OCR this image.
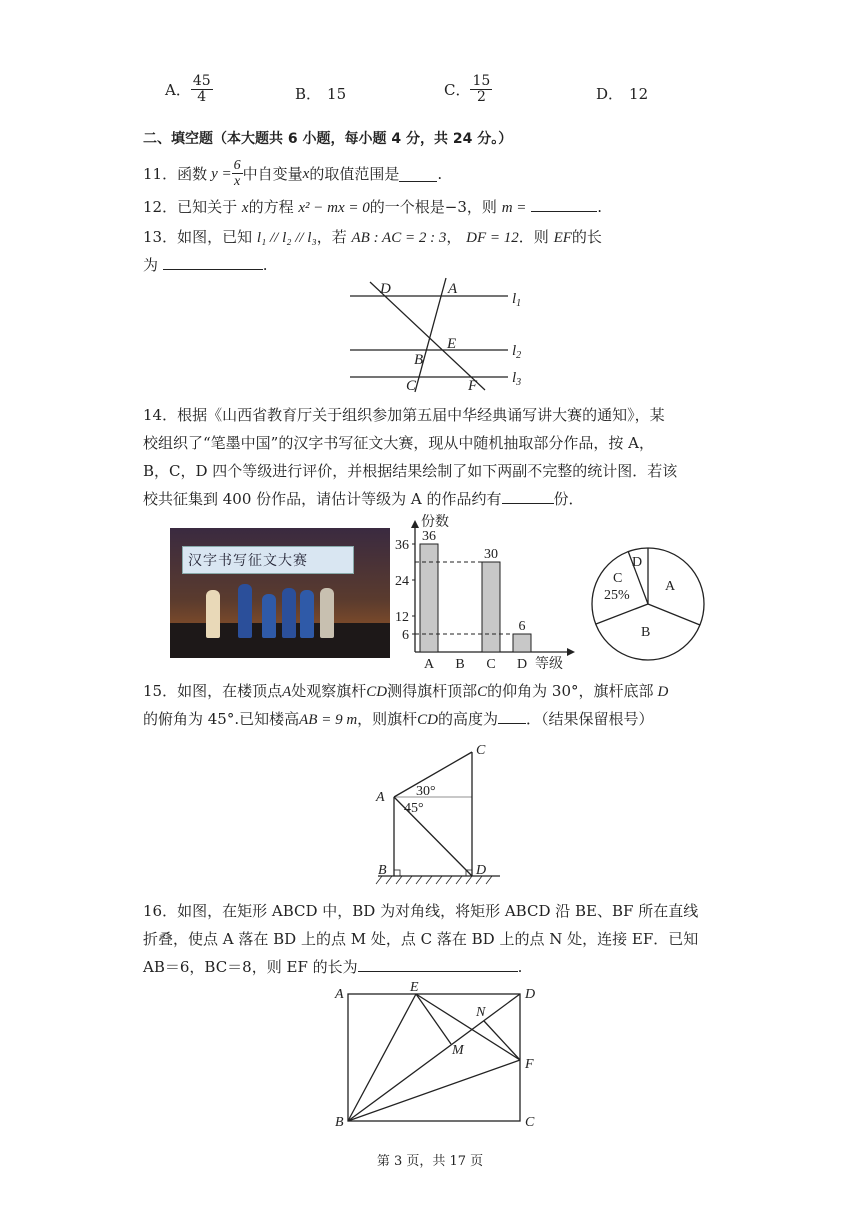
A． $\frac{45}{4}$	B． 15	C． $\frac{15}{2}$	D． 12
二、填空题（本大题共 6 小题，每小题 4 分，共 24 分。）
11． 函数 $y = \frac{6}{x}$ 中自变量 x 的取值范围是	.
12．已知关于 x的方程 x² − mx = 0的一个根是−3，则 m =	.
13．如图，已知 l₁ // l₂ // l₃，若 AB : AC = 2 : 3， DF = 12．则 EF的长
为	.
D	A
$l_1$
E
B
$l_2$
C	F $l_3$
14．根据《山西省教育厅关于组织参加第五届中华经典诵写讲大赛的通知》，某
校组织了“笔墨中国”的汉字书写征文大赛，现从中随机抽取部分作品，按 A，
B，C，D 四个等级进行评价，并根据结果绘制了如下两副不完整的统计图．若该
校共征集到 400 份作品，请估计等级为 A 的作品约有	份．
汉字书写征文大赛
份数
等级
6
12
24
36
36
A B
30
C
6
D
A
B
C
25%
D
15．如图，在楼顶点A处观察旗杆CD测得旗杆顶部C的仰角为 30°，旗杆底部 D
的俯角为 45°.已知楼高AB = 9 m，则旗杆CD的高度为 ．（结果保留根号）
C
A 30°
45°
B	D
16．如图，在矩形 ABCD 中，BD 为对角线，将矩形 ABCD 沿 BE、BF 所在直线
折叠，使点 A 落在 BD 上的点 M 处，点 C 落在 BD 上的点 N 处，连接 EF．已知
AB＝6，BC＝8，则 EF 的长为	.
A	E	D
N
M
F
B	C
第 3 页，共 17 页
